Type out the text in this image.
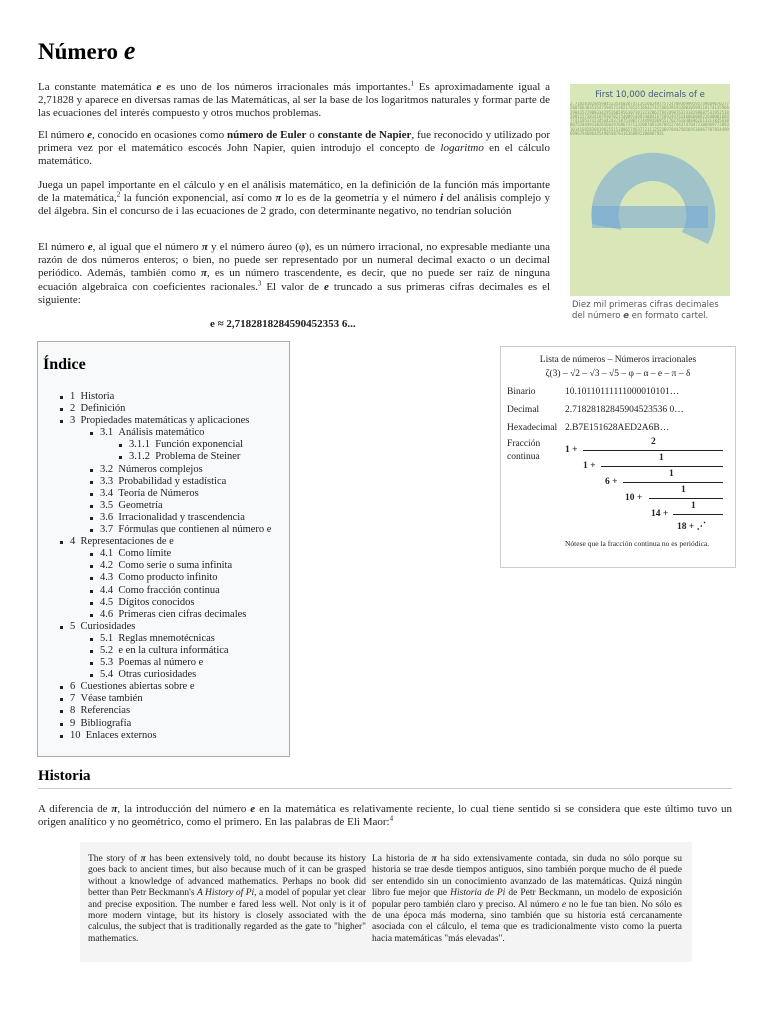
Número e

La constante matemática e es uno de los números irracionales más importantes.$^1$ Es aproximadamente igual a 2,71828 y aparece en diversas ramas de las Matemáticas, al ser la base de los logaritmos naturales y formar parte de las ecuaciones del interés compuesto y otros muchos problemas.

El número e, conocido en ocasiones como número de Euler o constante de Napier, fue reconocido y utilizado por primera vez por el matemático escocés John Napier, quien introdujo el concepto de logaritmo en el cálculo matemático.

Juega un papel importante en el cálculo y en el análisis matemático, en la definición de la función más importante de la matemática,$^2$ la función exponencial, así como π lo es de la geometría y el número i del análisis complejo y del álgebra. Sin el concurso de i las ecuaciones de 2 grado, con determinante negativo, no tendrían solución

El número e, al igual que el número π y el número áureo (φ), es un número irracional, no expresable mediante una razón de dos números enteros; o bien, no puede ser representado por un numeral decimal exacto o un decimal periódico. Además, también como π, es un número trascendente, es decir, que no puede ser raíz de ninguna ecuación algebraica con coeficientes racionales.$^3$ El valor de e truncado a sus primeras cifras decimales es el siguiente:

e ≈ 2,7182818284590452353 6...
2.7182818284590452353602874713526624977572470936999595749669676277240766303535475945713821785251664274274663919320030599218174135966290435729003342952605956307381323286279434907632338298807531952510190115738341879307021540891499348841675092447614606680822648001684774118537423454424371075390777449920695517027618386062613313845830007520449338265602976067371132007093287091274437470472306969772093101416928368190255151086574637721112523897844250569536967707854499699679468644549059879316368892300987931
First 10,000 decimals of e
Diez mil primeras cifras decimales del número e en formato cartel.
Índice
1 Historia
2 Definición
3 Propiedades matemáticas y aplicaciones
3.1 Análisis matemático
3.1.1 Función exponencial
3.1.2 Problema de Steiner
3.2 Números complejos
3.3 Probabilidad y estadística
3.4 Teoría de Números
3.5 Geometría
3.6 Irracionalidad y trascendencia
3.7 Fórmulas que contienen al número e
4 Representaciones de e
4.1 Como límite
4.2 Como serie o suma infinita
4.3 Como producto infinito
4.4 Como fracción continua
4.5 Dígitos conocidos
4.6 Primeras cien cifras decimales
5 Curiosidades
5.1 Reglas mnemotécnicas
5.2 e en la cultura informática
5.3 Poemas al número e
5.4 Otras curiosidades
6 Cuestiones abiertas sobre e
7 Véase también
8 Referencias
9 Bibliografía
10 Enlaces externos
Lista de números – Números irracionales
ζ(3) – √2 – √3 – √5 – φ – α – e – π – δ
Binario	10.10110111111000010101…
Decimal	2.71828182845904523536 0…
Hexadecimal 2.B7E151628AED2A6B…
Fracción
continua
1 +
2
1 +
1
6 +
1
10 +
1
14 +
1
18 + ⋰
Nótese que la fracción continua no es periódica.
Historia

A diferencia de π, la introducción del número e en la matemática es relativamente reciente, lo cual tiene sentido si se considera que este último tuvo un origen analítico y no geométrico, como el primero. En las palabras de Eli Maor:$^4$

The story of π has been extensively told, no doubt because its history goes back to ancient times, but also because much of it can be grasped without a knowledge of advanced mathematics. Perhaps no book did better than Petr Beckmann's A History of Pi, a model of popular yet clear and precise exposition. The number e fared less well. Not only is it of more modern vintage, but its history is closely associated with the calculus, the subject that is traditionally regarded as the gate to "higher" mathematics.
La historia de π ha sido extensivamente contada, sin duda no sólo porque su historia se trae desde tiempos antiguos, sino también porque mucho de él puede ser entendido sin un conocimiento avanzado de las matemáticas. Quizá ningún libro fue mejor que Historia de Pi de Petr Beckmann, un modelo de exposición popular pero también claro y preciso. Al número e no le fue tan bien. No sólo es de una época más moderna, sino también que su historia está cercanamente asociada con el cálculo, el tema que es tradicionalmente visto como la puerta hacia matemáticas "más elevadas".
